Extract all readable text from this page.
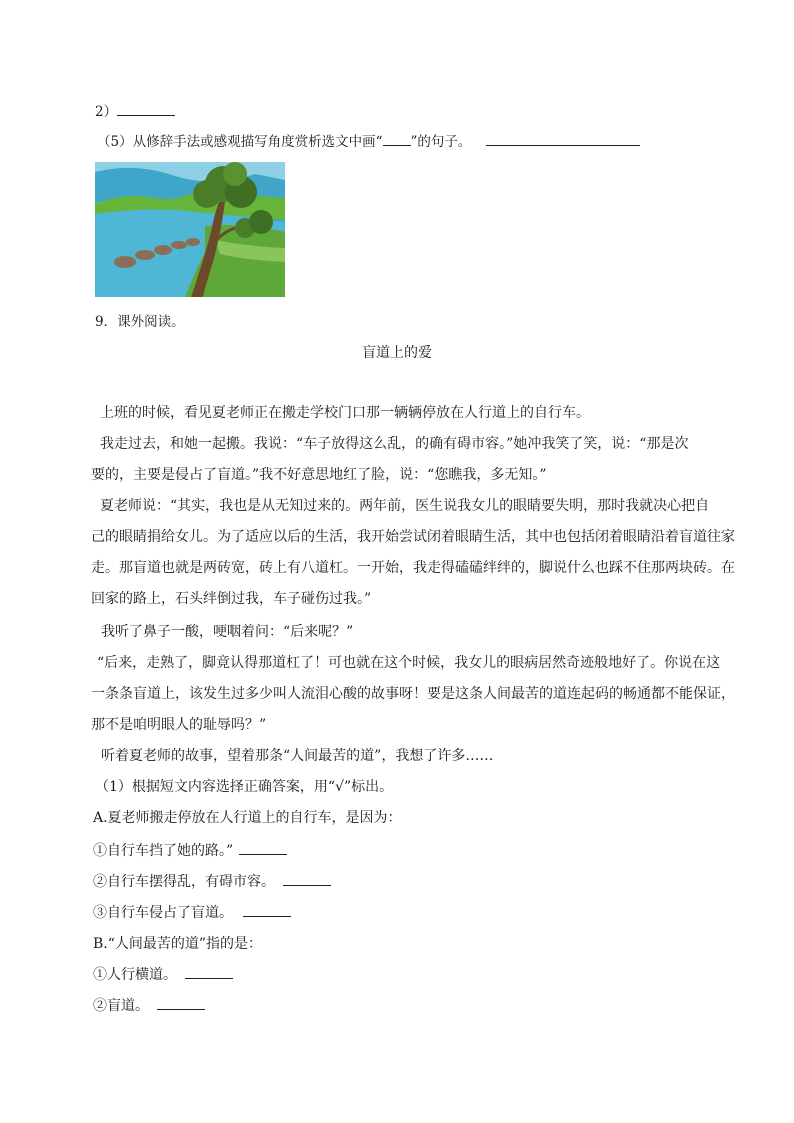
2）
（5）从修辞手法或感观描写角度赏析选文中画“ ”的句子。
9．课外阅读。
盲道上的爱
上班的时候，看见夏老师正在搬走学校门口那一辆辆停放在人行道上的自行车。
我走过去，和她一起搬。我说：“车子放得这么乱，的确有碍市容。”她冲我笑了笑，说：“那是次
要的，主要是侵占了盲道。”我不好意思地红了脸，说：“您瞧我，多无知。”
夏老师说：“其实，我也是从无知过来的。两年前，医生说我女儿的眼睛要失明，那时我就决心把自
己的眼睛捐给女儿。为了适应以后的生活，我开始尝试闭着眼睛生活，其中也包括闭着眼睛沿着盲道往家
走。那盲道也就是两砖宽，砖上有八道杠。一开始，我走得磕磕绊绊的，脚说什么也踩不住那两块砖。在
回家的路上，石头绊倒过我，车子碰伤过我。”
我听了鼻子一酸，哽咽着问：“后来呢？”
“后来，走熟了，脚竟认得那道杠了！可也就在这个时候，我女儿的眼病居然奇迹般地好了。你说在这
一条条盲道上，该发生过多少叫人流泪心酸的故事呀！要是这条人间最苦的道连起码的畅通都不能保证，
那不是咱明眼人的耻辱吗？”
听着夏老师的故事，望着那条“人间最苦的道”，我想了许多……
（1）根据短文内容选择正确答案，用“√”标出。
A.夏老师搬走停放在人行道上的自行车，是因为：
①自行车挡了她的路。”
②自行车摆得乱，有碍市容。
③自行车侵占了盲道。
B.“人间最苦的道”指的是：
①人行横道。
②盲道。
